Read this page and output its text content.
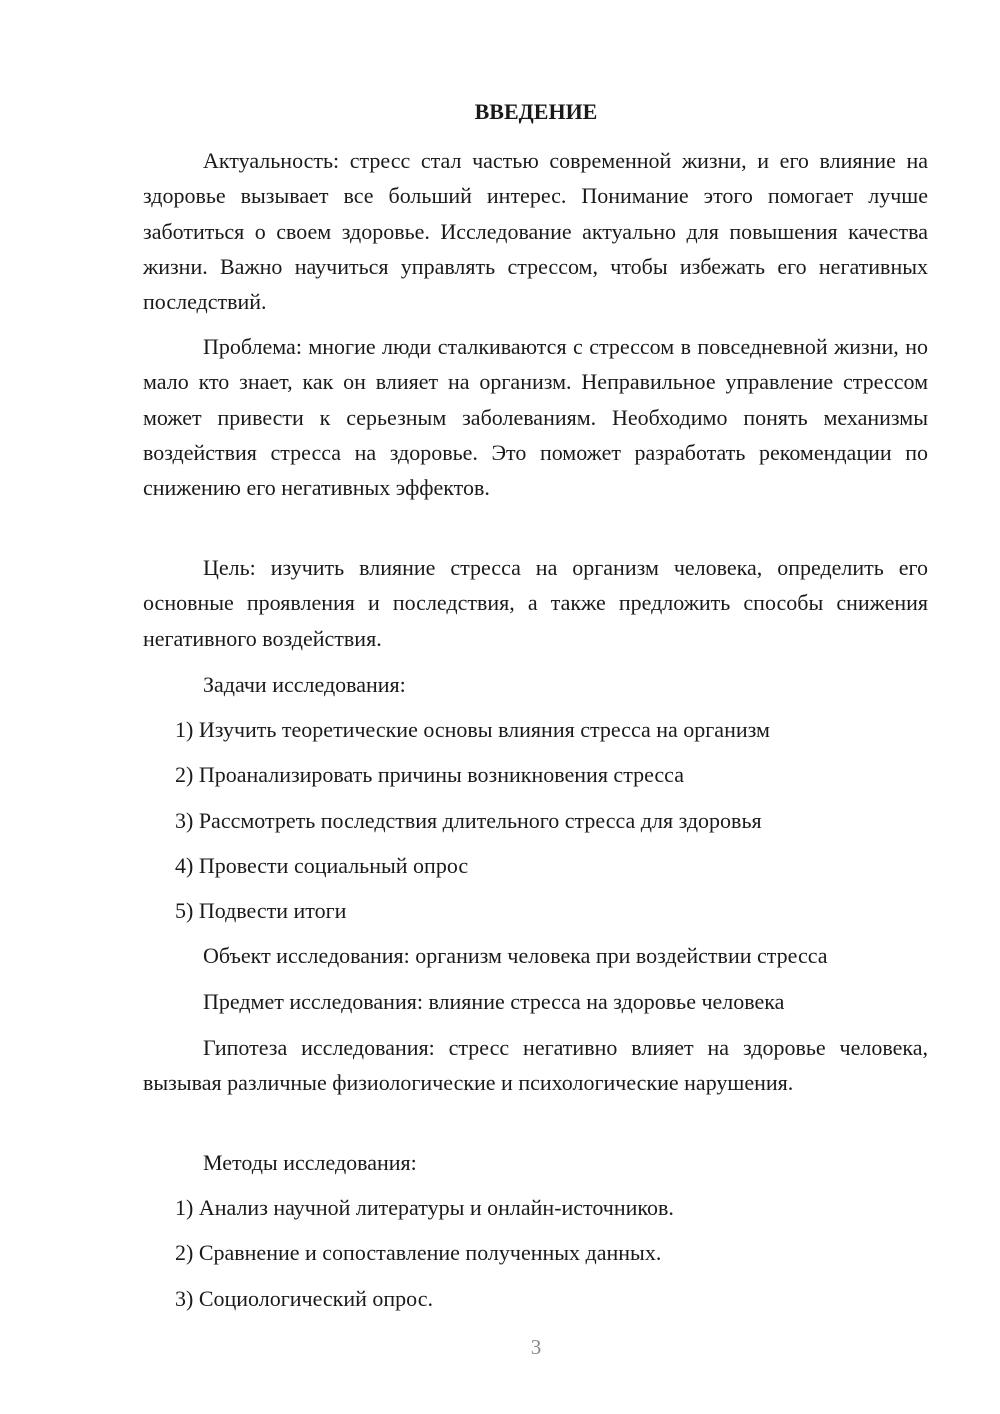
ВВЕДЕНИЕ
Актуальность: стресс стал частью современной жизни, и его влияние на здоровье вызывает все больший интерес. Понимание этого помогает лучше заботиться о своем здоровье. Исследование актуально для повышения качества жизни. Важно научиться управлять стрессом, чтобы избежать его негативных последствий.
Проблема: многие люди сталкиваются с стрессом в повседневной жизни, но мало кто знает, как он влияет на организм. Неправильное управление стрессом может привести к серьезным заболеваниям. Необходимо понять механизмы воздействия стресса на здоровье. Это поможет разработать рекомендации по снижению его негативных эффектов.
Цель: изучить влияние стресса на организм человека, определить его основные проявления и последствия, а также предложить способы снижения негативного воздействия.
Задачи исследования:
1) Изучить теоретические основы влияния стресса на организм
2) Проанализировать причины возникновения стресса
3) Рассмотреть последствия длительного стресса для здоровья
4) Провести социальный опрос
5) Подвести итоги
Объект исследования: организм человека при воздействии стресса
Предмет исследования: влияние стресса на здоровье человека
Гипотеза исследования: стресс негативно влияет на здоровье человека, вызывая различные физиологические и психологические нарушения.
Методы исследования:
1) Анализ научной литературы и онлайн-источников.
2) Сравнение и сопоставление полученных данных.
3) Социологический опрос.
3
